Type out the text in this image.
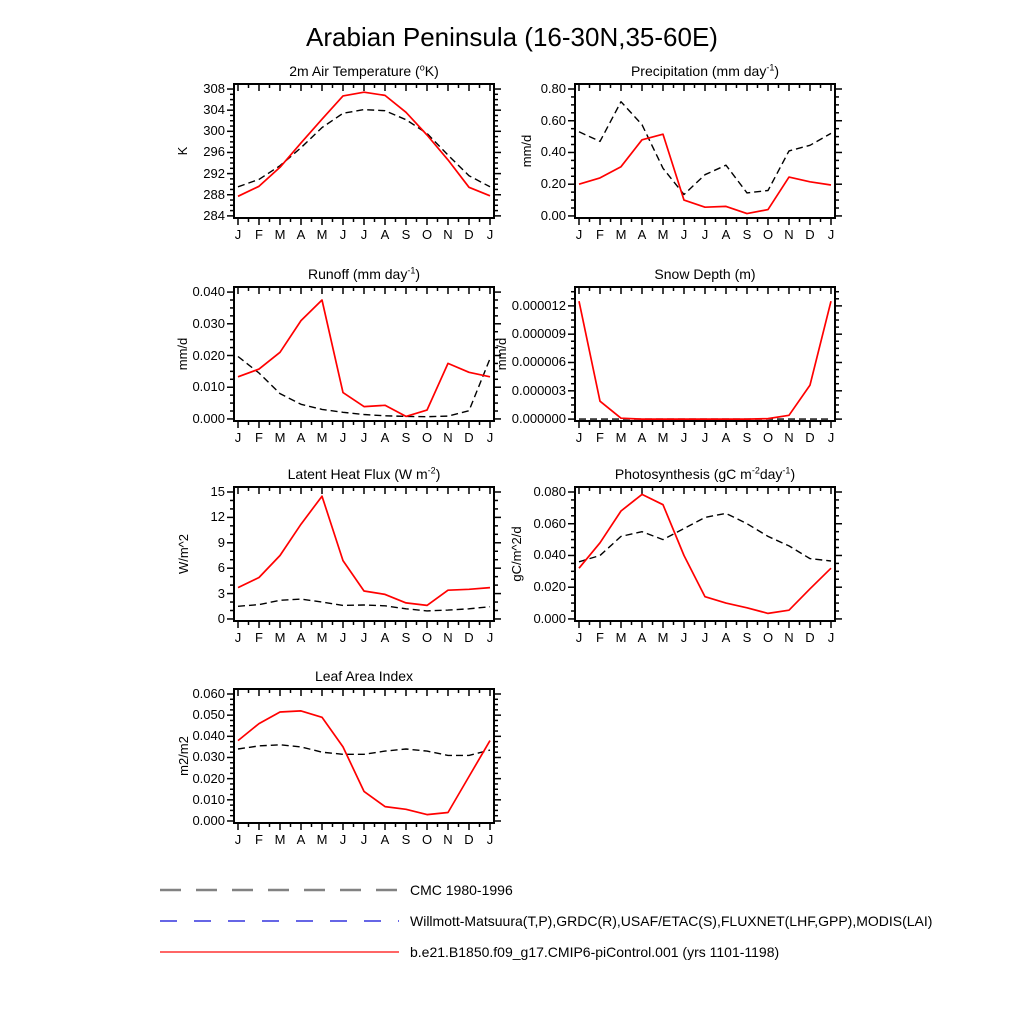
Arabian Peninsula (16-30N,35-60E)
2m Air Temperature ($^o$K)
284
288
292
296
300
304
308
J	F M A M J	J	A S O N D	J
K
Precipitation (mm day$^{-1}$)
0.00
0.20
0.40
0.60
0.80
J	F M A M J	J	A S O N D	J
mm/d
Runoff (mm day$^{-1}$)
0.000
0.010
0.020
0.030
0.040
J	F M A M J	J	A S O N D	J
mm/d
Snow Depth (m)
0.000000
0.000003
0.000006
0.000009
0.000012
J	F M A M J	J	A S O N D	J
mm/d
Latent Heat Flux (W $m^{-2}$)
0
3
6
9
12
15
J	F M A M J	J	A S O N D	J
W/m^2
Photosynthesis (gC $m^{-2}day^{-1}$)
0.000
0.020
0.040
0.060
0.080
J	F M A M J	J	A S O N D	J
gC/m^2/d
Leaf Area Index
0.000
0.010
0.020
0.030
0.040
0.050
0.060
J	F M A M J	J	A S O N D	J
m2/m2
CMC 1980-1996
Willmott-Matsuura(T,P),GRDC(R),USAF/ETAC(S),FLUXNET(LHF,GPP),MODIS(LAI)
b.e21.B1850.f09_g17.CMIP6-piControl.001 (yrs 1101-1198)
